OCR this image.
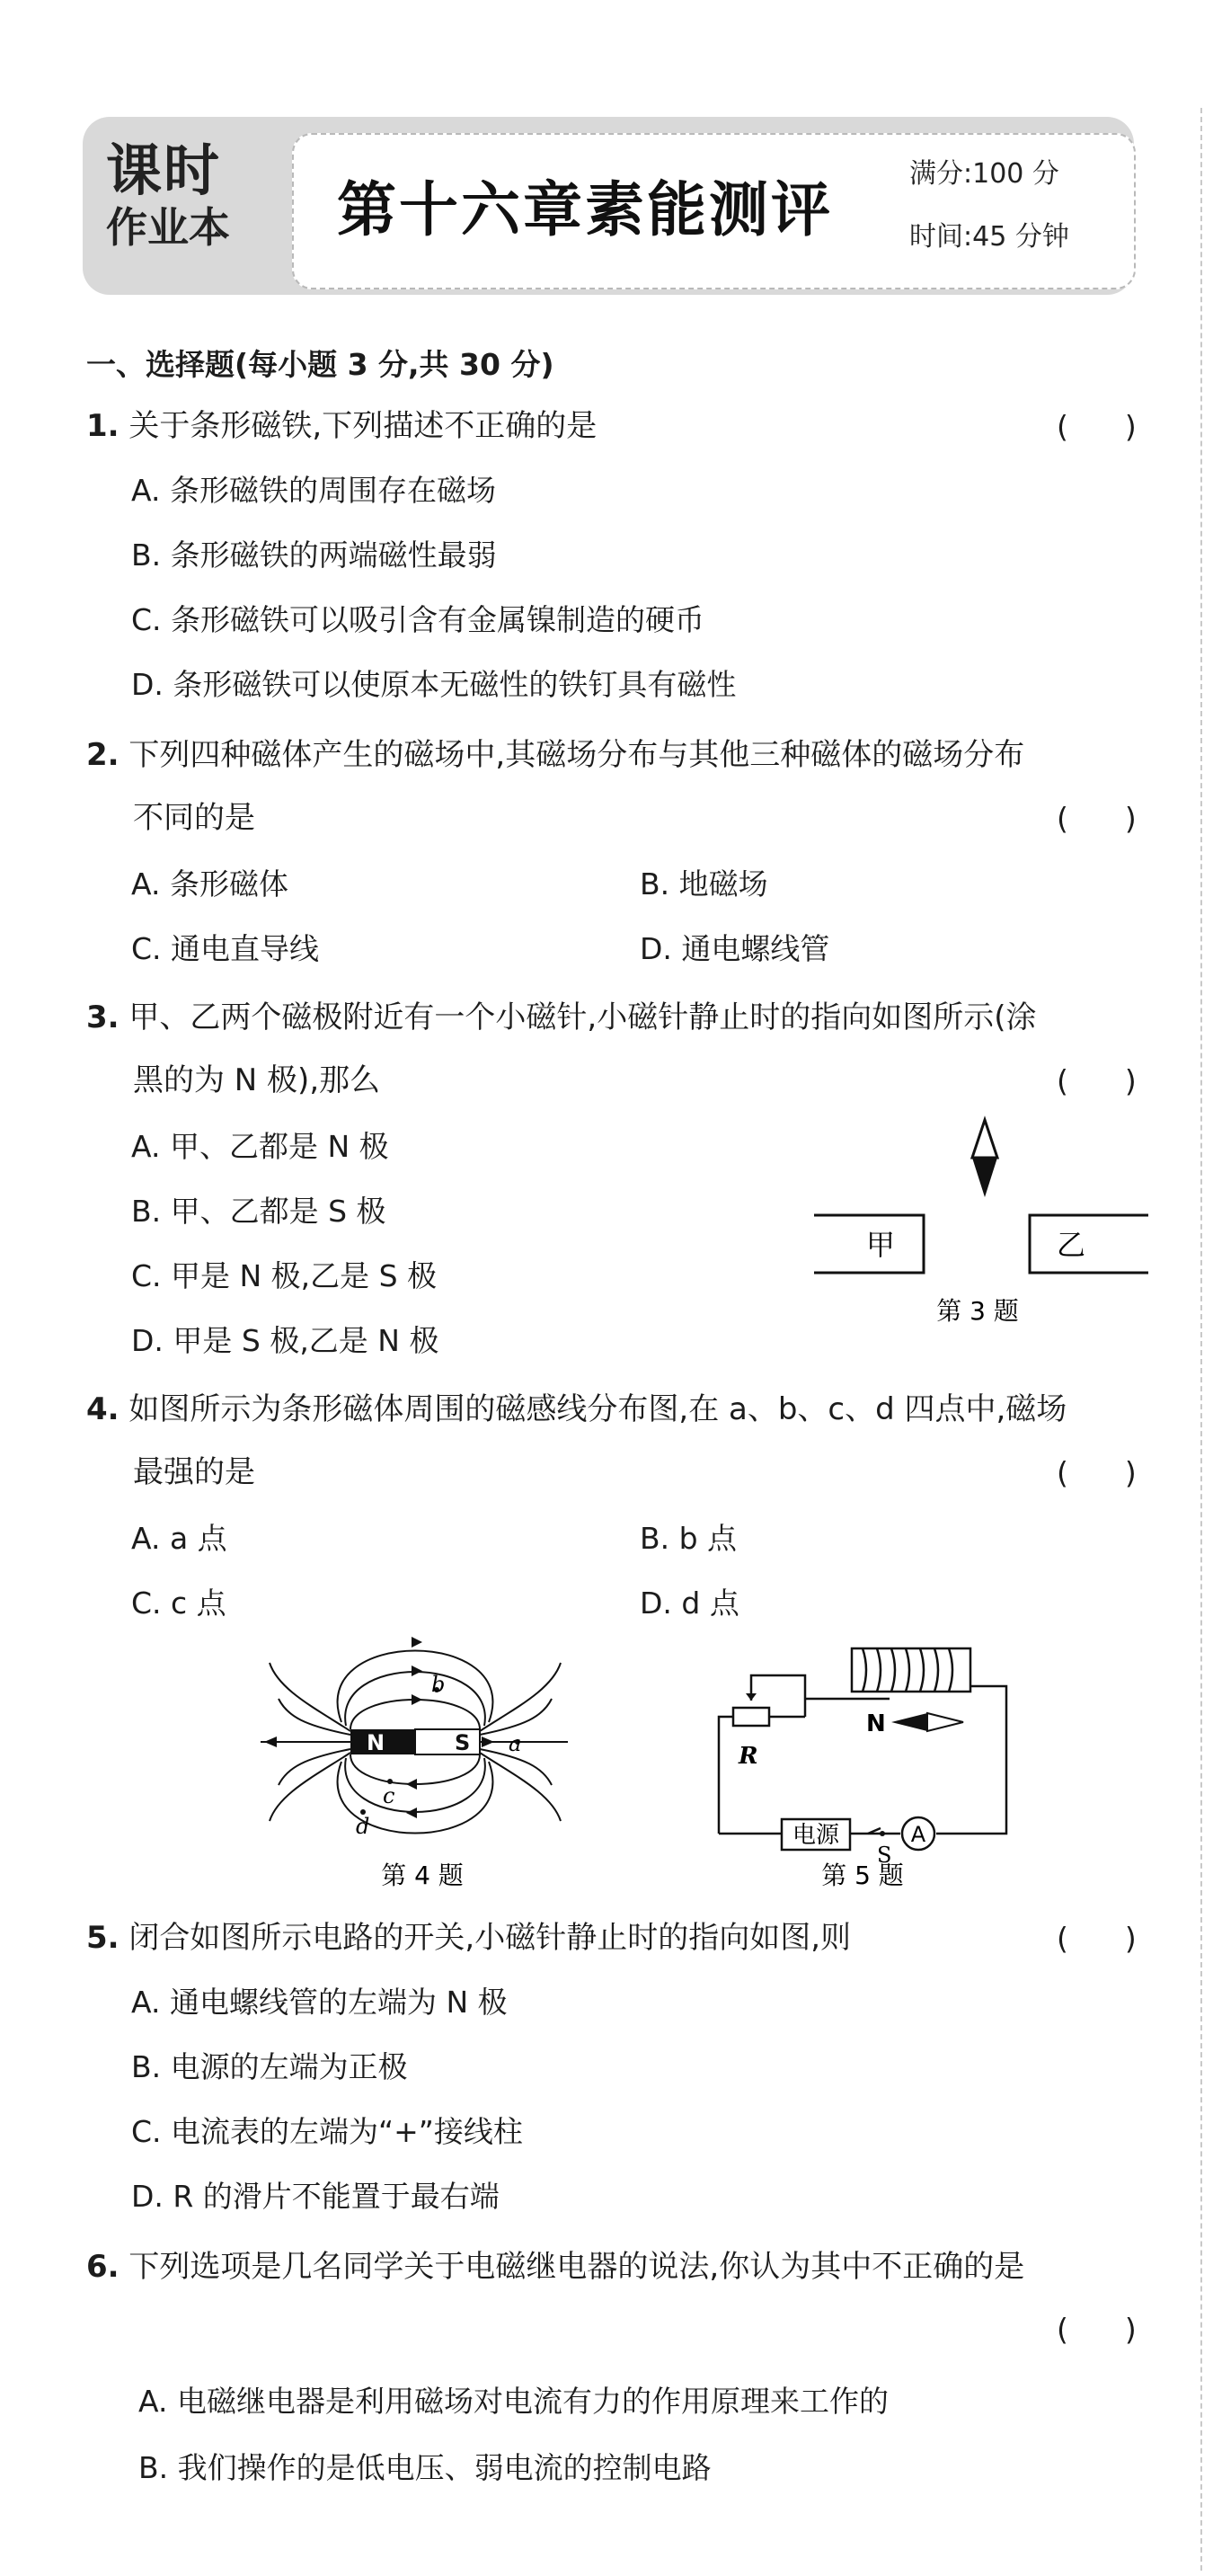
课时
作业本	第十六章素能测评
满分:100 分
时间:45 分钟
一、选择题(每小题 3 分,共 30 分)
1. 关于条形磁铁,下列描述不正确的是	(      )
A. 条形磁铁的周围存在磁场
B. 条形磁铁的两端磁性最弱
C. 条形磁铁可以吸引含有金属镍制造的硬币
D. 条形磁铁可以使原本无磁性的铁钉具有磁性
2. 下列四种磁体产生的磁场中,其磁场分布与其他三种磁体的磁场分布
不同的是	(      )
A. 条形磁体	B. 地磁场
C. 通电直导线	D. 通电螺线管
3. 甲、乙两个磁极附近有一个小磁针,小磁针静止时的指向如图所示(涂
黑的为 N 极),那么	(      )
A. 甲、乙都是 N 极
B. 甲、乙都是 S 极
C. 甲是 N 极,乙是 S 极
D. 甲是 S 极,乙是 N 极
甲	乙
第 3 题
4. 如图所示为条形磁体周围的磁感线分布图,在 a、b、c、d 四点中,磁场
最强的是	(      )
A. a 点	B. b 点
C. c 点	D. d 点
N	S a
b
c
d
第 4 题
R
N
电源
S
A
第 5 题
5. 闭合如图所示电路的开关,小磁针静止时的指向如图,则	(      )
A. 通电螺线管的左端为 N 极
B. 电源的左端为正极
C. 电流表的左端为“+”接线柱
D. R 的滑片不能置于最右端
6. 下列选项是几名同学关于电磁继电器的说法,你认为其中不正确的是
(      )
A. 电磁继电器是利用磁场对电流有力的作用原理来工作的
B. 我们操作的是低电压、弱电流的控制电路
